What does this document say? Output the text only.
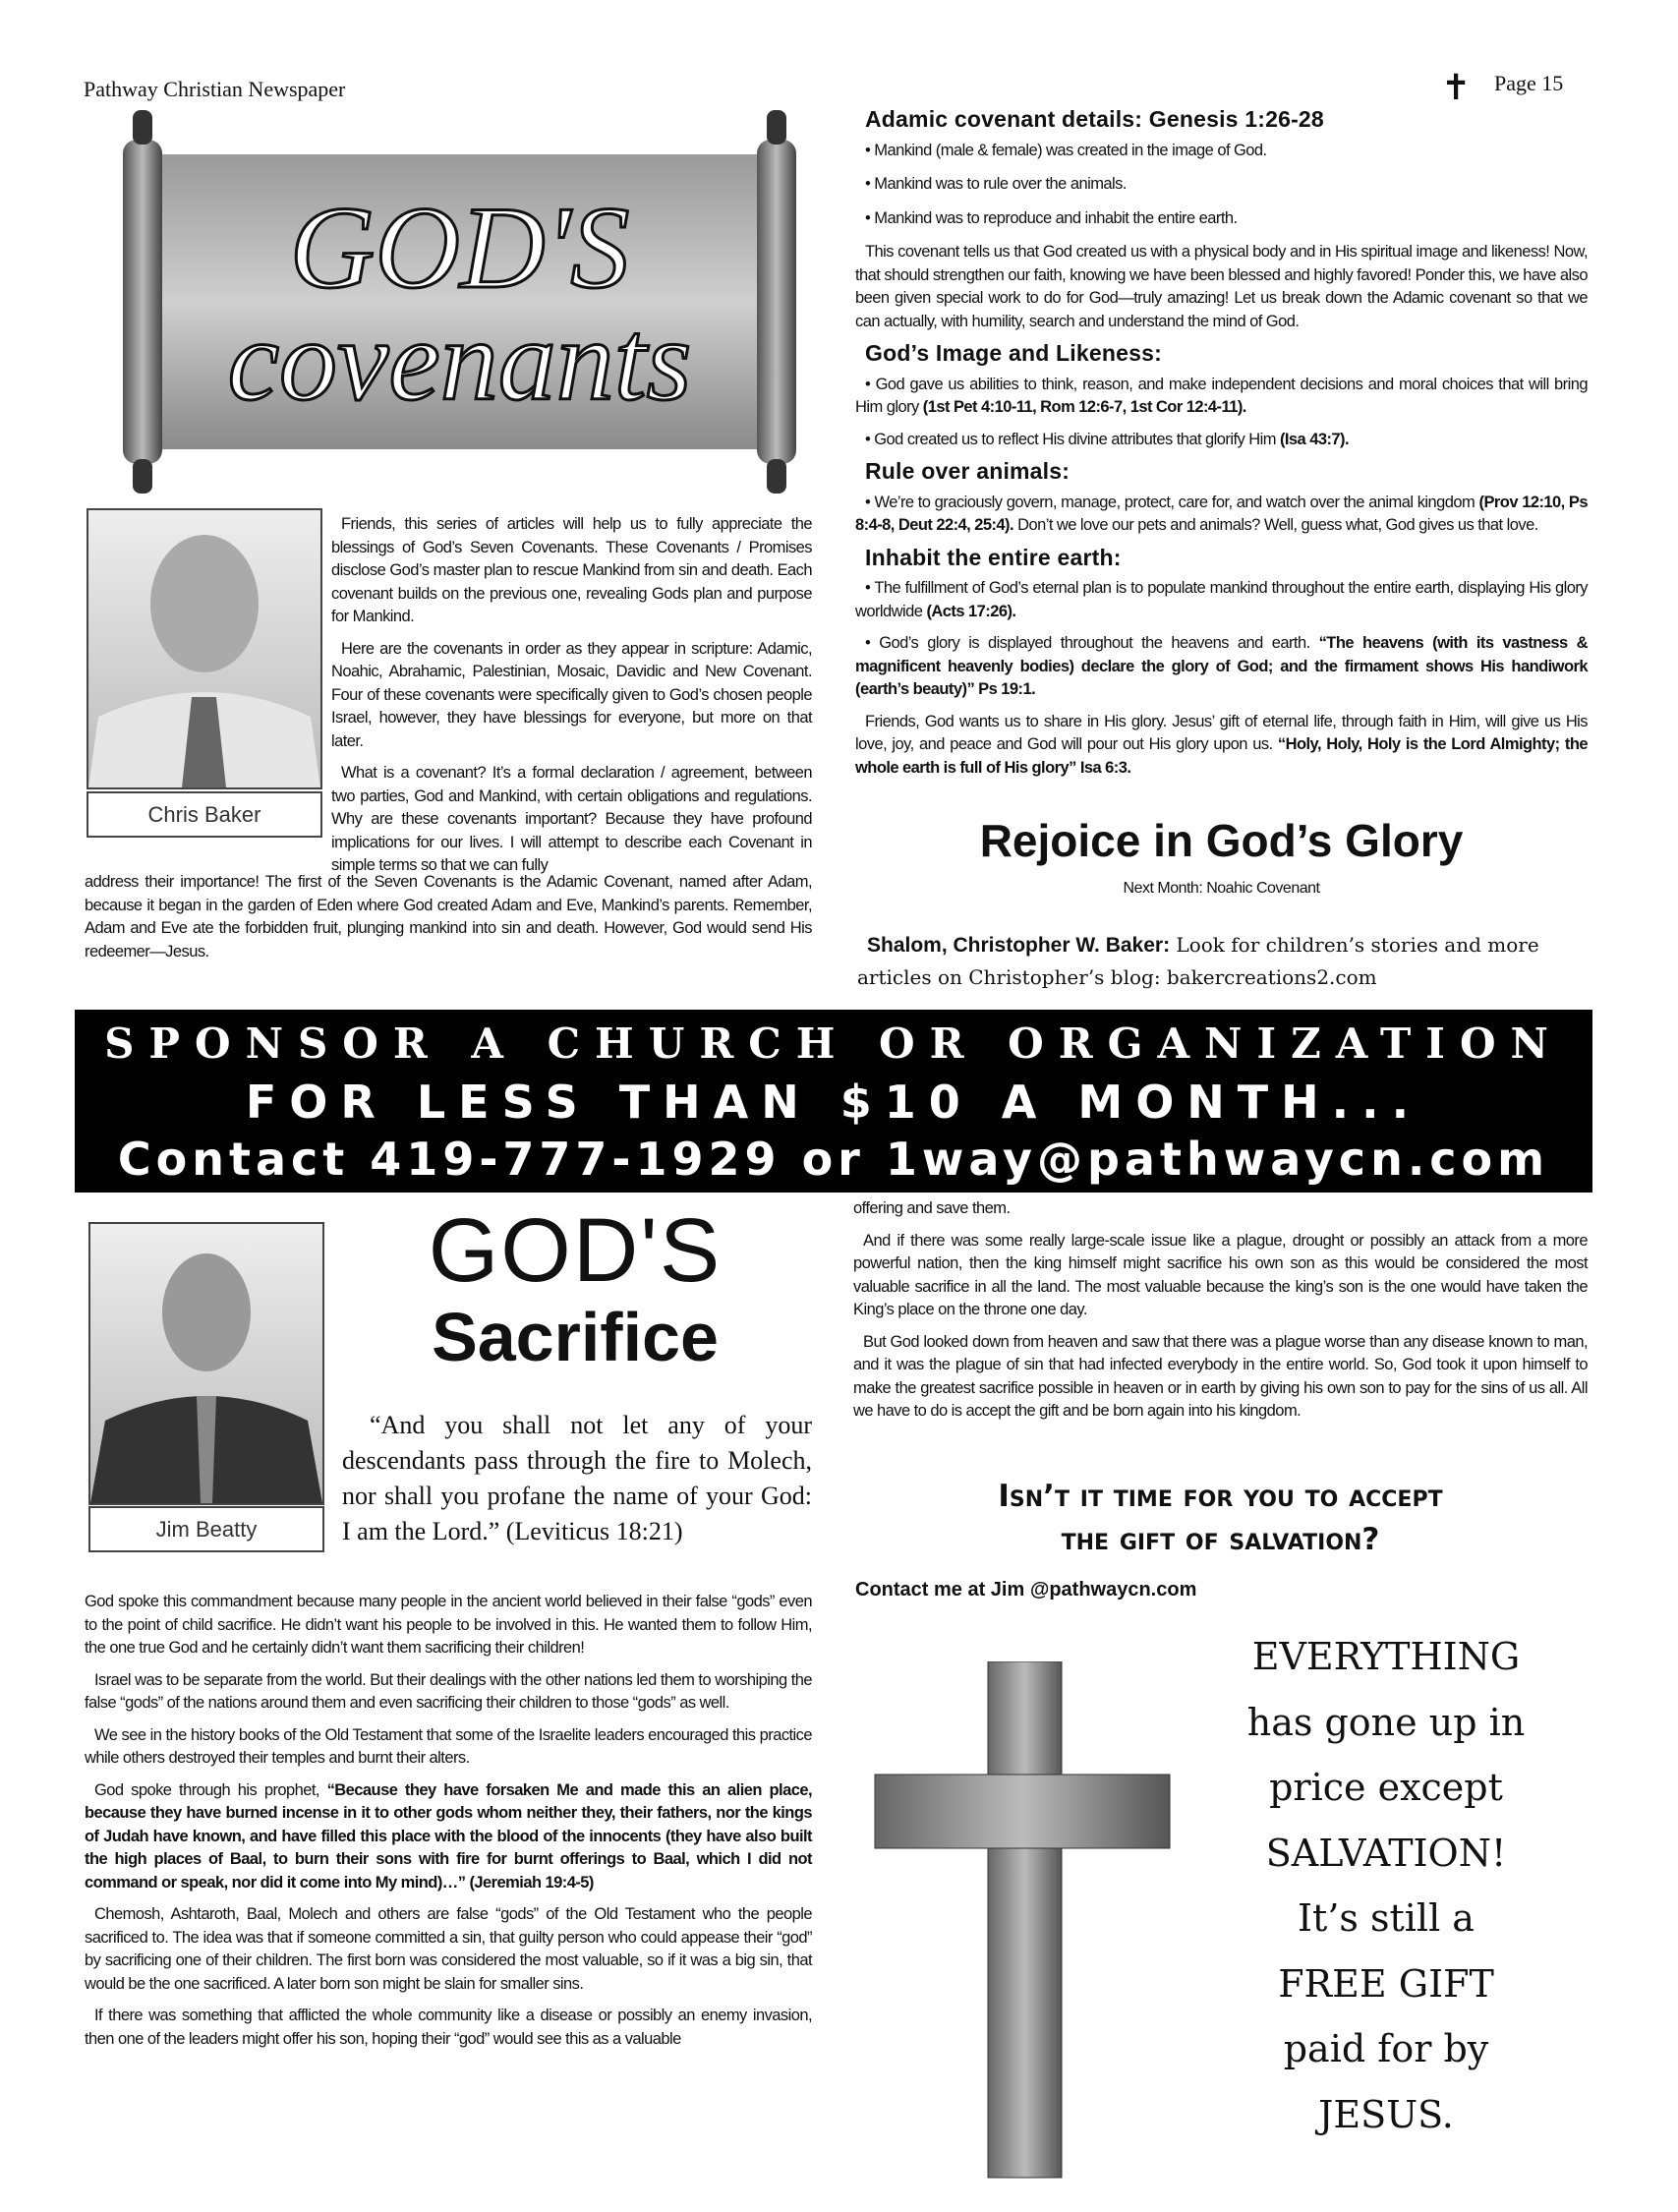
Pathway Christian Newspaper	✝ Page 15
GOD'S
covenants
Chris Baker

Friends, this series of articles will help us to fully appreciate the blessings of God’s Seven Covenants. These Covenants / Promises disclose God’s master plan to rescue Mankind from sin and death. Each covenant builds on the previous one, revealing Gods plan and purpose for Mankind.

Here are the covenants in order as they appear in scripture: Adamic, Noahic, Abrahamic, Palestinian, Mosaic, Davidic and New Covenant. Four of these covenants were specifically given to God’s chosen people Israel, however, they have blessings for everyone, but more on that later.

What is a covenant? It’s a formal declaration / agreement, between two parties, God and Mankind, with certain obligations and regulations. Why are these covenants important? Because they have profound implications for our lives. I will attempt to describe each Covenant in simple terms so that we can fully

address their importance! The first of the Seven Covenants is the Adamic Covenant, named after Adam, because it began in the garden of Eden where God created Adam and Eve, Mankind’s parents. Remember, Adam and Eve ate the forbidden fruit, plunging mankind into sin and death. However, God would send His redeemer—Jesus.
Adamic covenant details: Genesis 1:26-28
• Mankind (male & female) was created in the image of God.
• Mankind was to rule over the animals.
• Mankind was to reproduce and inhabit the entire earth.

This covenant tells us that God created us with a physical body and in His spiritual image and likeness! Now, that should strengthen our faith, knowing we have been blessed and highly favored! Ponder this, we have also been given special work to do for God—truly amazing! Let us break down the Adamic covenant so that we can actually, with humility, search and understand the mind of God.

God’s Image and Likeness:

• God gave us abilities to think, reason, and make independent decisions and moral choices that will bring Him glory (1st Pet 4:10-11, Rom 12:6-7, 1st Cor 12:4-11).

• God created us to reflect His divine attributes that glorify Him (Isa 43:7).

Rule over animals:

• We’re to graciously govern, manage, protect, care for, and watch over the animal kingdom (Prov 12:10, Ps 8:4-8, Deut 22:4, 25:4). Don’t we love our pets and animals? Well, guess what, God gives us that love.

Inhabit the entire earth:

• The fulfillment of God’s eternal plan is to populate mankind throughout the entire earth, displaying His glory worldwide (Acts 17:26).

• God’s glory is displayed throughout the heavens and earth. “The heavens (with its vastness & magnificent heavenly bodies) declare the glory of God; and the firmament shows His handiwork (earth’s beauty)” Ps 19:1.

Friends, God wants us to share in His glory. Jesus’ gift of eternal life, through faith in Him, will give us His love, joy, and peace and God will pour out His glory upon us. “Holy, Holy, Holy is the Lord Almighty; the whole earth is full of His glory” Isa 6:3.

Rejoice in God’s Glory
Next Month: Noahic Covenant
Shalom, Christopher W. Baker: Look for children’s stories and more articles on Christopher’s blog: bakercreations2.com
SPONSOR A CHURCH OR ORGANIZATION
FOR LESS THAN $10 A MONTH...
Contact 419-777-1929 or 1way@pathwaycn.com
Jim Beatty
GOD'S
Sacrifice
“And you shall not let any of your descendants pass through the fire to Molech, nor shall you profane the name of your God: I am the Lord.” (Leviticus 18:21)

God spoke this commandment because many people in the ancient world believed in their false “gods” even to the point of child sacrifice. He didn’t want his people to be involved in this. He wanted them to follow Him, the one true God and he certainly didn’t want them sacrificing their children!

Israel was to be separate from the world. But their dealings with the other nations led them to worshiping the false “gods” of the nations around them and even sacrificing their children to those “gods” as well.

We see in the history books of the Old Testament that some of the Israelite leaders encouraged this practice while others destroyed their temples and burnt their alters.

God spoke through his prophet, “Because they have forsaken Me and made this an alien place, because they have burned incense in it to other gods whom neither they, their fathers, nor the kings of Judah have known, and have filled this place with the blood of the innocents (they have also built the high places of Baal, to burn their sons with fire for burnt offerings to Baal, which I did not command or speak, nor did it come into My mind)…” (Jeremiah 19:4-5)

Chemosh, Ashtaroth, Baal, Molech and others are false “gods” of the Old Testament who the people sacrificed to. The idea was that if someone committed a sin, that guilty person who could appease their “god” by sacrificing one of their children. The first born was considered the most valuable, so if it was a big sin, that would be the one sacrificed. A later born son might be slain for smaller sins.

If there was something that afflicted the whole community like a disease or possibly an enemy invasion, then one of the leaders might offer his son, hoping their “god” would see this as a valuable

offering and save them.

And if there was some really large-scale issue like a plague, drought or possibly an attack from a more powerful nation, then the king himself might sacrifice his own son as this would be considered the most valuable sacrifice in all the land. The most valuable because the king’s son is the one would have taken the King’s place on the throne one day.

But God looked down from heaven and saw that there was a plague worse than any disease known to man, and it was the plague of sin that had infected everybody in the entire world. So, God took it upon himself to make the greatest sacrifice possible in heaven or in earth by giving his own son to pay for the sins of us all. All we have to do is accept the gift and be born again into his kingdom.

Isn’t it time for you to accept
the gift of salvation?
Contact me at Jim @pathwaycn.com
EVERYTHING
has gone up in
price except
SALVATION!
It’s still a
FREE GIFT
paid for by
JESUS.
